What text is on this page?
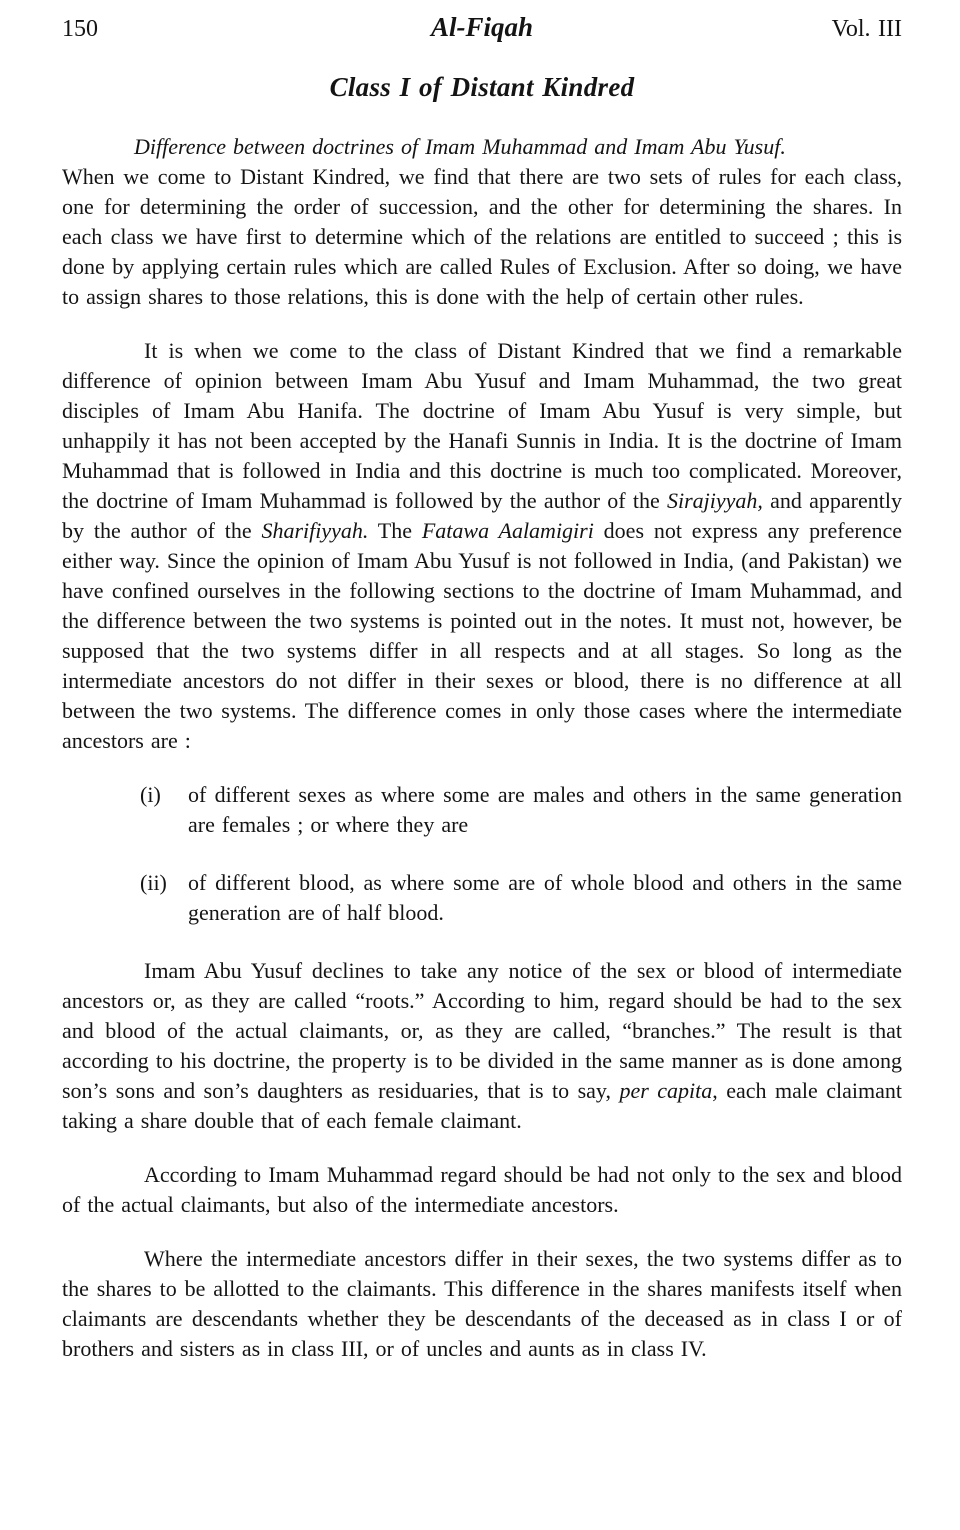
150	Al-Fiqah	Vol. III
Class I of Distant Kindred

Difference between doctrines of Imam Muhammad and Imam Abu Yusuf.
When we come to Distant Kindred, we find that there are two sets of rules for each class, one for determining the order of succession, and the other for determining the shares. In each class we have first to determine which of the relations are entitled to succeed ; this is done by applying certain rules which are called Rules of Exclusion. After so doing, we have to assign shares to those relations, this is done with the help of certain other rules.

It is when we come to the class of Distant Kindred that we find a remarkable difference of opinion between Imam Abu Yusuf and Imam Muhammad, the two great disciples of Imam Abu Hanifa. The doctrine of Imam Abu Yusuf is very simple, but unhappily it has not been accepted by the Hanafi Sunnis in India. It is the doctrine of Imam Muhammad that is followed in India and this doctrine is much too complicated. Moreover, the doctrine of Imam Muhammad is followed by the author of the Sirajiyyah, and apparently by the author of the Sharifiyyah. The Fatawa Aalamigiri does not express any preference either way. Since the opinion of Imam Abu Yusuf is not followed in India, (and Pakistan) we have confined ourselves in the following sections to the doctrine of Imam Muhammad, and the difference between the two systems is pointed out in the notes. It must not, however, be supposed that the two systems differ in all respects and at all stages. So long as the intermediate ancestors do not differ in their sexes or blood, there is no difference at all between the two systems. The difference comes in only those cases where the intermediate ancestors are :

(i)	of different sexes as where some are males and others in the same generation are females ; or where they are
(ii) of different blood, as where some are of whole blood and others in the same generation are of half blood.

Imam Abu Yusuf declines to take any notice of the sex or blood of intermediate ancestors or, as they are called “roots.” According to him, regard should be had to the sex and blood of the actual claimants, or, as they are called, “branches.” The result is that according to his doctrine, the property is to be divided in the same manner as is done among son’s sons and son’s daughters as residuaries, that is to say, per capita, each male claimant taking a share double that of each female claimant.

According to Imam Muhammad regard should be had not only to the sex and blood of the actual claimants, but also of the intermediate ancestors.

Where the intermediate ancestors differ in their sexes, the two systems differ as to the shares to be allotted to the claimants. This difference in the shares manifests itself when claimants are descendants whether they be descendants of the deceased as in class I or of brothers and sisters as in class III, or of uncles and aunts as in class IV.
